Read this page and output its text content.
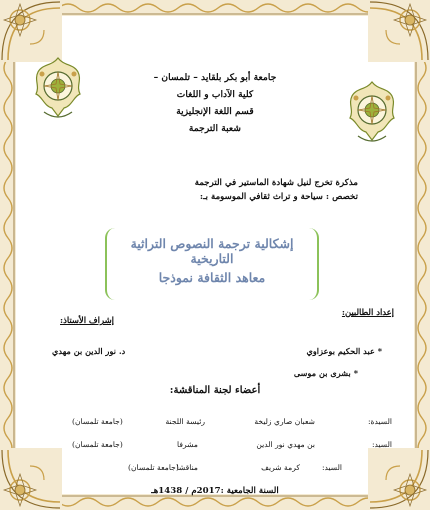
جامعة أبو بكر بلقايد – تلمسان –
كلية الآداب و اللغات
قسم اللغة الإنجليزية
شعبة الترجمة
مذكرة تخرج لنيل شهادة الماستير في الترجمة
تخصص : سياحة و تراث ثقافي الموسومة بـ:
إشكالية ترجمة النصوص التراثية التاريخية
معاهد الثقافة نموذجا
إعداد الطالبين:
* عبد الحكيم بوعزاوي
* بشرى بن موسى
إشراف الأستاذ:
د. نور الدين بن مهدي
أعضاء لجنة المناقشة:
السيدة:
شعبان صاري زليخة
رئيسة اللجنة
(جامعة تلمسان)
السيد:
بن مهدي نور الدين
مشرفا
(جامعة تلمسان)
السيد:
كرمة شريف
مناقشا
(جامعة تلمسان)
السنة الجامعية :2017م / 1438هـ
